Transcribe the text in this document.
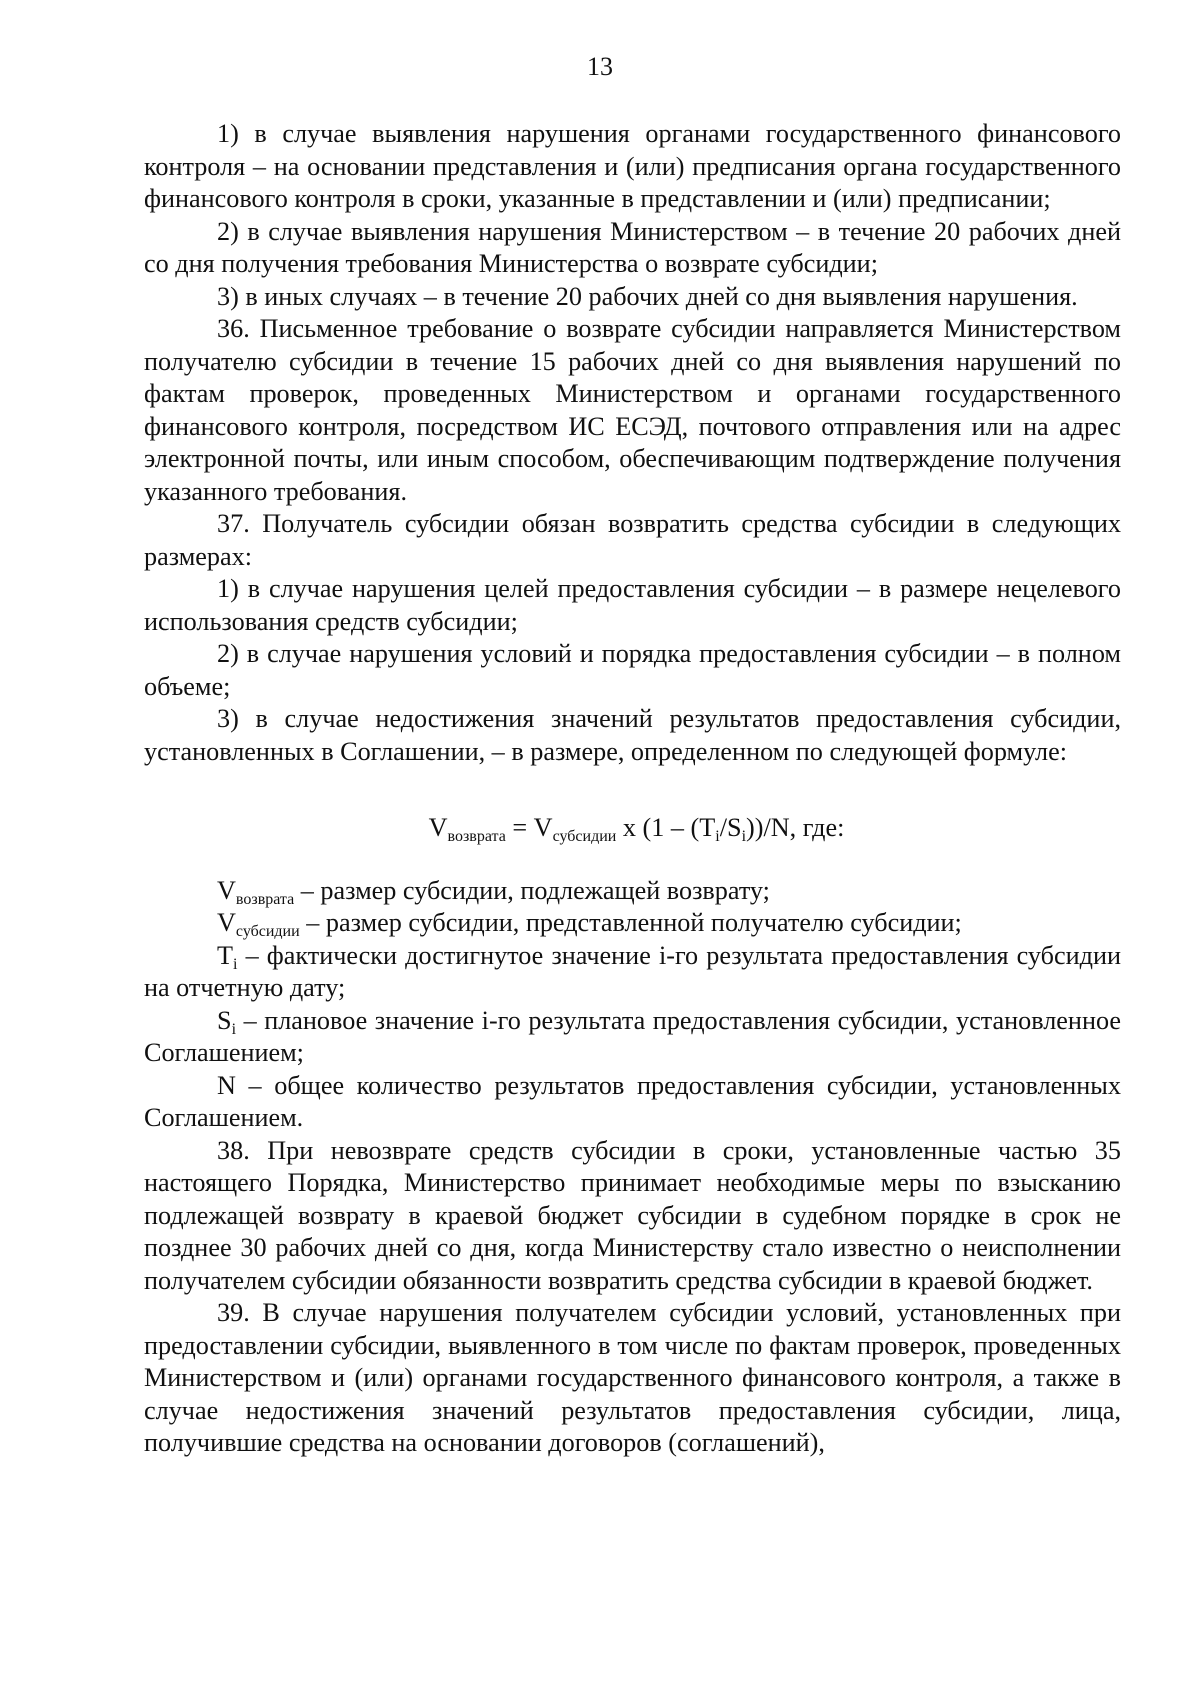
13

1) в случае выявления нарушения органами государственного финансового контроля – на основании представления и (или) предписания органа государственного финансового контроля в сроки, указанные в представлении и (или) предписании;

2) в случае выявления нарушения Министерством – в течение 20 рабочих дней со дня получения требования Министерства о возврате субсидии;

3) в иных случаях – в течение 20 рабочих дней со дня выявления нарушения.

36. Письменное требование о возврате субсидии направляется Министерством получателю субсидии в течение 15 рабочих дней со дня выявления нарушений по фактам проверок, проведенных Министерством и органами государственного финансового контроля, посредством ИС ЕСЭД, почтового отправления или на адрес электронной почты, или иным способом, обеспечивающим подтверждение получения указанного требования.

37. Получатель субсидии обязан возвратить средства субсидии в следующих размерах:

1) в случае нарушения целей предоставления субсидии – в размере нецелевого использования средств субсидии;

2) в случае нарушения условий и порядка предоставления субсидии – в полном объеме;

3) в случае недостижения значений результатов предоставления субсидии, установленных в Соглашении, – в размере, определенном по следующей формуле:

$V_{возврата} = V_{субсидии}$ x $(1 - (T_i/S_i))/N$, где:

$V_{возврата}$ – размер субсидии, подлежащей возврату;

$V_{субсидии}$ – размер субсидии, представленной получателю субсидии;

$T_i$ – фактически достигнутое значение i-го результата предоставления субсидии на отчетную дату;

$S_i$ – плановое значение i-го результата предоставления субсидии, установленное Соглашением;

N – общее количество результатов предоставления субсидии, установленных Соглашением.

38. При невозврате средств субсидии в сроки, установленные частью 35 настоящего Порядка, Министерство принимает необходимые меры по взысканию подлежащей возврату в краевой бюджет субсидии в судебном порядке в срок не позднее 30 рабочих дней со дня, когда Министерству стало известно о неисполнении получателем субсидии обязанности возвратить средства субсидии в краевой бюджет.

39. В случае нарушения получателем субсидии условий, установленных при предоставлении субсидии, выявленного в том числе по фактам проверок, проведенных Министерством и (или) органами государственного финансового контроля, а также в случае недостижения значений результатов предоставления субсидии, лица, получившие средства на основании договоров (соглашений),
